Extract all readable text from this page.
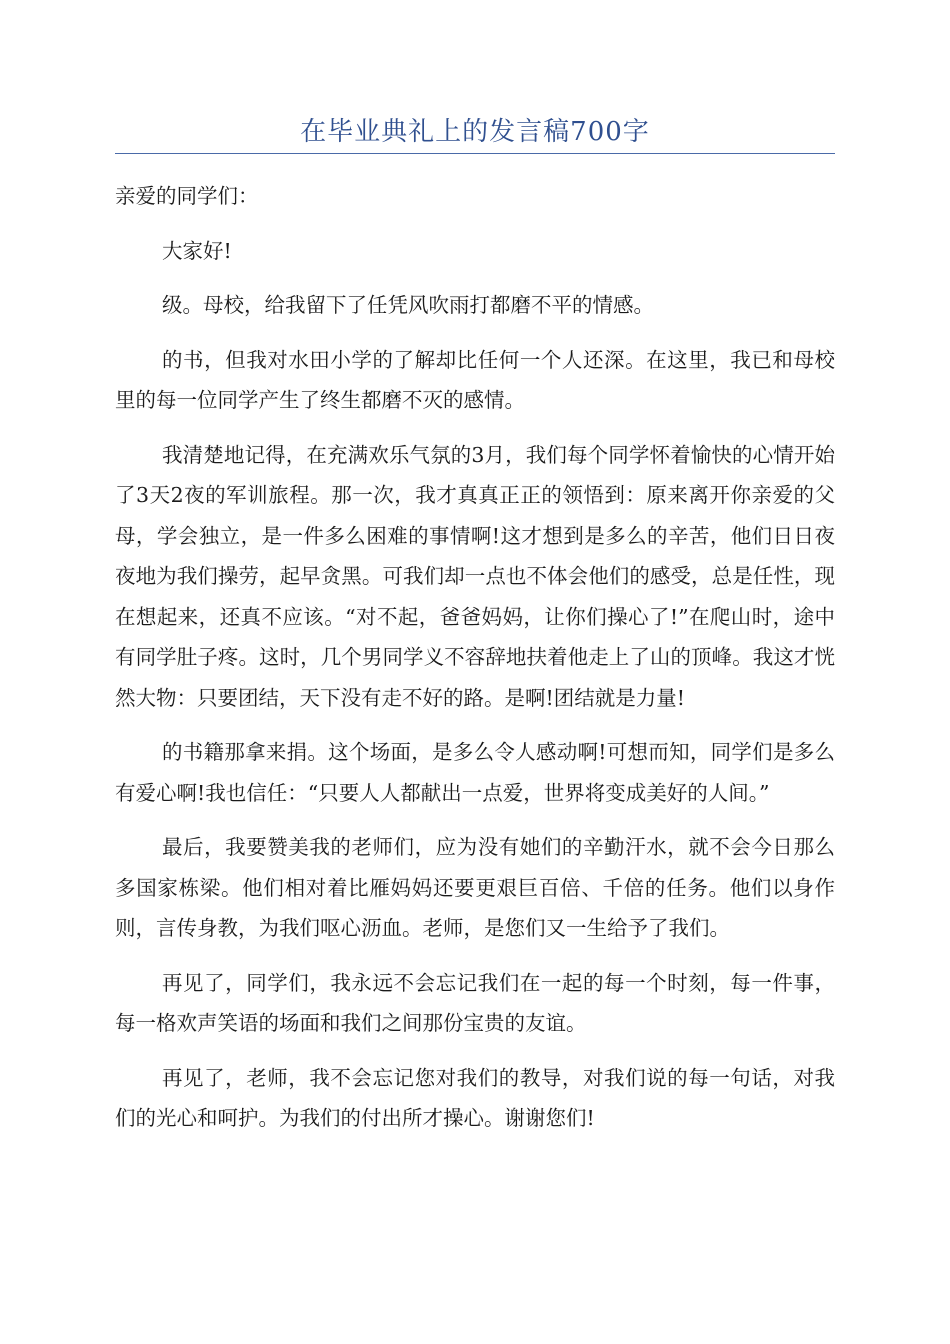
在毕业典礼上的发言稿700字

亲爱的同学们：

大家好!

级。母校，给我留下了任凭风吹雨打都磨不平的情感。

的书，但我对水田小学的了解却比任何一个人还深。在这里，我已和母校里的每一位同学产生了终生都磨不灭的感情。

我清楚地记得，在充满欢乐气氛的3月，我们每个同学怀着愉快的心情开始了3天2夜的军训旅程。那一次，我才真真正正的领悟到：原来离开你亲爱的父母，学会独立，是一件多么困难的事情啊!这才想到是多么的辛苦，他们日日夜夜地为我们操劳，起早贪黑。可我们却一点也不体会他们的感受，总是任性，现在想起来，还真不应该。“对不起，爸爸妈妈，让你们操心了!”在爬山时，途中有同学肚子疼。这时，几个男同学义不容辞地扶着他走上了山的顶峰。我这才恍然大物：只要团结，天下没有走不好的路。是啊!团结就是力量!

的书籍那拿来捐。这个场面，是多么令人感动啊!可想而知，同学们是多么有爱心啊!我也信任：“只要人人都献出一点爱，世界将变成美好的人间。”

最后，我要赞美我的老师们，应为没有她们的辛勤汗水，就不会今日那么多国家栋梁。他们相对着比雁妈妈还要更艰巨百倍、千倍的任务。他们以身作则，言传身教，为我们呕心沥血。老师，是您们又一生给予了我们。

再见了，同学们，我永远不会忘记我们在一起的每一个时刻，每一件事，每一格欢声笑语的场面和我们之间那份宝贵的友谊。

再见了，老师，我不会忘记您对我们的教导，对我们说的每一句话，对我们的光心和呵护。为我们的付出所才操心。谢谢您们!
